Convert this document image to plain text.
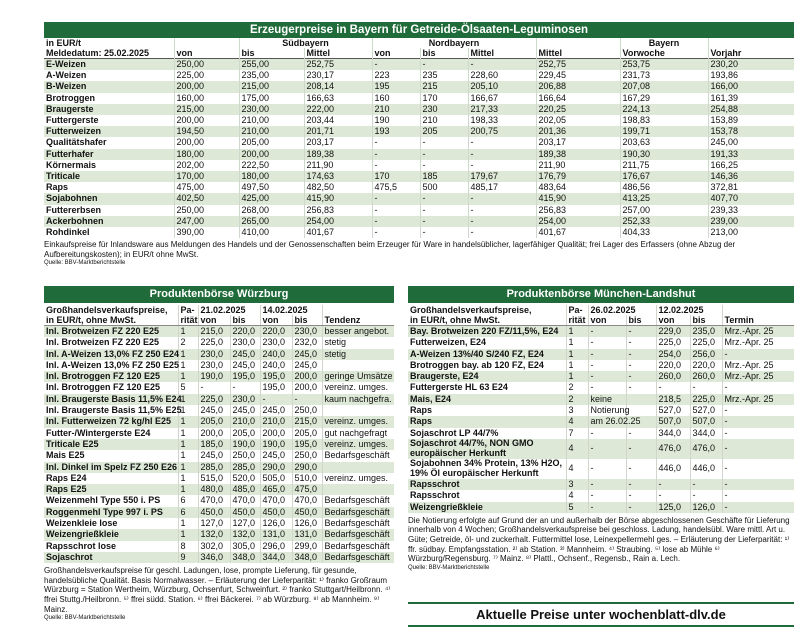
Erzeugerpreise in Bayern für Getreide-Ölsaaten-Leguminosen
in EUR/t		Südbayern		Nordbayern				Bayern	
Meldedatum: 25.02.2025	von	bis	Mittel	von	bis	Mittel	Mittel	Vorwoche	Vorjahr
E-Weizen	250,00	255,00	252,75	-	-	-	252,75	253,75	230,20
A-Weizen	225,00	235,00	230,17	223	235	228,60	229,45	231,73	193,86
B-Weizen	200,00	215,00	208,14	195	215	205,10	206,88	207,08	166,00
Brotroggen	160,00	175,00	166,63	160	170	166,67	166,64	167,29	161,39
Braugerste	215,00	230,00	222,00	210	230	217,33	220,25	224,13	254,88
Futtergerste	200,00	210,00	203,44	190	210	198,33	202,05	198,83	153,89
Futterweizen	194,50	210,00	201,71	193	205	200,75	201,36	199,71	153,78
Qualitätshafer	200,00	205,00	203,17	-	-	-	203,17	203,63	245,00
Futterhafer	180,00	200,00	189,38	-	-	-	189,38	190,30	191,33
Körnermais	202,00	222,50	211,90	-	-	-	211,90	211,75	166,25
Triticale	170,00	180,00	174,63	170	185	179,67	176,79	176,67	146,36
Raps	475,00	497,50	482,50	475,5	500	485,17	483,64	486,56	372,81
Sojabohnen	402,50	425,00	415,90	-	-	-	415,90	413,25	407,70
Futtererbsen	250,00	268,00	256,83	-	-	-	256,83	257,00	239,33
Ackerbohnen	247,00	265,00	254,00	-	-	-	254,00	252,33	239,00
Rohdinkel	390,00	410,00	401,67	-	-	-	401,67	404,33	213,00
Einkaufspreise für Inlandsware aus Meldungen des Handels und der Genossenschaften beim Erzeuger für Ware in handelsüblicher, lagerfähiger Qualität; frei Lager des Erfassers (ohne Abzug der Aufbereitungskosten); in EUR/t ohne MwSt.
Quelle: BBV-Marktberichtstelle
Produktenbörse Würzburg
Großhandelsverkaufspreise,	Pa-	21.02.2025		14.02.2025		
in EUR/t, ohne MwSt.	rität	von	bis	von	bis	Tendenz
Inl. Brotweizen FZ 220 E25	1	215,0	220,0	220,0	230,0	besser angebot.
Inl. Brotweizen FZ 220 E25	2	225,0	230,0	230,0	232,0	stetig
Inl. A-Weizen 13,0% FZ 250 E24	1	230,0	245,0	240,0	245,0	stetig
Inl. A-Weizen 13,0% FZ 250 E25	1	230,0	245,0	240,0	245,0	
Inl. Brotroggen FZ 120 E25	1	190,0	195,0	195,0	200,0	geringe Umsätze
Inl. Brotroggen FZ 120 E25	5	-	-	195,0	200,0	vereinz. umges.
Inl. Braugerste Basis 11,5% E24	1	225,0	230,0	-	-	kaum nachgefra.
Inl. Braugerste Basis 11,5% E25	1	245,0	245,0	245,0	250,0	
Inl. Futterweizen 72 kg/hl E25	1	205,0	210,0	210,0	215,0	vereinz. umges.
Futter-/Wintergerste E24	1	200,0	205,0	200,0	205,0	gut nachgefragt
Triticale E25	1	185,0	190,0	190,0	195,0	vereinz. umges.
Mais E25	1	245,0	250,0	245,0	250,0	Bedarfsgeschäft
Inl. Dinkel im Spelz FZ 250 E26	1	285,0	285,0	290,0	290,0	
Raps E24	1	515,0	520,0	505,0	510,0	vereinz. umges.
Raps E25	1	480,0	485,0	465,0	475,0	
Weizenmehl Type 550 i. PS	6	470,0	470,0	470,0	470,0	Bedarfsgeschäft
Roggenmehl Type 997 i. PS	6	450,0	450,0	450,0	450,0	Bedarfsgeschäft
Weizenkleie lose	1	127,0	127,0	126,0	126,0	Bedarfsgeschäft
Weizengrießkleie	1	132,0	132,0	131,0	131,0	Bedarfsgeschäft
Rapsschrot lose	8	302,0	305,0	296,0	299,0	Bedarfsgeschäft
Sojaschrot	9	346,0	348,0	344,0	348,0	Bedarfsgeschäft
Großhandelsverkaufspreise für geschl. Ladungen, lose, prompte Lieferung, für gesunde, handelsübliche Qualität. Basis Normalwasser. – Erläuterung der Lieferparität: ¹⁾ franko Großraum Würzburg = Station Wertheim, Würzburg, Ochsenfurt, Schweinfurt. ²⁾ franko Stuttgart/Heilbronn. ⁴⁾ ffrei Stuttg./Heilbronn. ⁵⁾ ffrei südd. Station. ⁶⁾ ffrei Bäckerei. ⁷⁾ ab Würzburg. ⁸⁾ ab Mannheim. ⁹⁾ Mainz.
Quelle: BBV-Marktberichtstelle
Produktenbörse München-Landshut
Großhandelsverkaufspreise,	Pa-	26.02.2025		12.02.2025		
in EUR/t, ohne MwSt.	rität	von	bis	von	bis	Termin
Bay. Brotweizen 220 FZ/11,5%, E24	1	-	-	229,0	235,0	Mrz.-Apr. 25
Futterweizen, E24	1	-	-	225,0	225,0	Mrz.-Apr. 25
A-Weizen 13%/40 S/240 FZ, E24	1	-	-	254,0	256,0	-
Brotroggen bay. ab 120 FZ, E24	1	-	-	220,0	220,0	Mrz.-Apr. 25
Braugerste, E24	1	-	-	260,0	260,0	Mrz.-Apr. 25
Futtergerste HL 63 E24	2	-	-	-	-	-
Mais, E24	2	keine		218,5	225,0	Mrz.-Apr. 25
Raps	3	Notierung		527,0	527,0	-
Raps	4	am 26.02.25		507,0	507,0	-
Sojaschrot LP 44/7%	7	-	-	344,0	344,0	-
Sojaschrot 44/7%, NON GMO europäischer Herkunft	4	-	-	476,0	476,0	-
Sojabohnen 34% Protein, 13% H2O, 19% Öl europäischer Herkunft	4	-	-	446,0	446,0	-
Rapsschrot	3	-	-	-	-	-
Rapsschrot	4	-	-	-	-	-
Weizengrießkleie	5	-	-	125,0	126,0	-
Die Notierung erfolgte auf Grund der an und außerhalb der Börse abgeschlossenen Geschäfte für Lieferung innerhalb von 4 Wochen; Großhandelsverkaufspreise bei geschloss. Ladung, handelsübl. Ware mittl. Art u. Güte; Getreide, öl- und zuckerhalt. Futtermittel lose, Leinexpellermehl ges. – Erläuterung der Lieferparität: ¹⁾ ffr. südbay. Empfangsstation. ²⁾ ab Station. ³⁾ Mannheim. ⁴⁾ Straubing. ⁵⁾ lose ab Mühle ⁶⁾ Würzburg/Regensburg. ⁷⁾ Mainz. ⁸⁾ Plattl., Ochsenf., Regensb., Rain a. Lech.
Quelle: BBV-Marktberichtstelle
Aktuelle Preise unter wochenblatt-dlv.de
